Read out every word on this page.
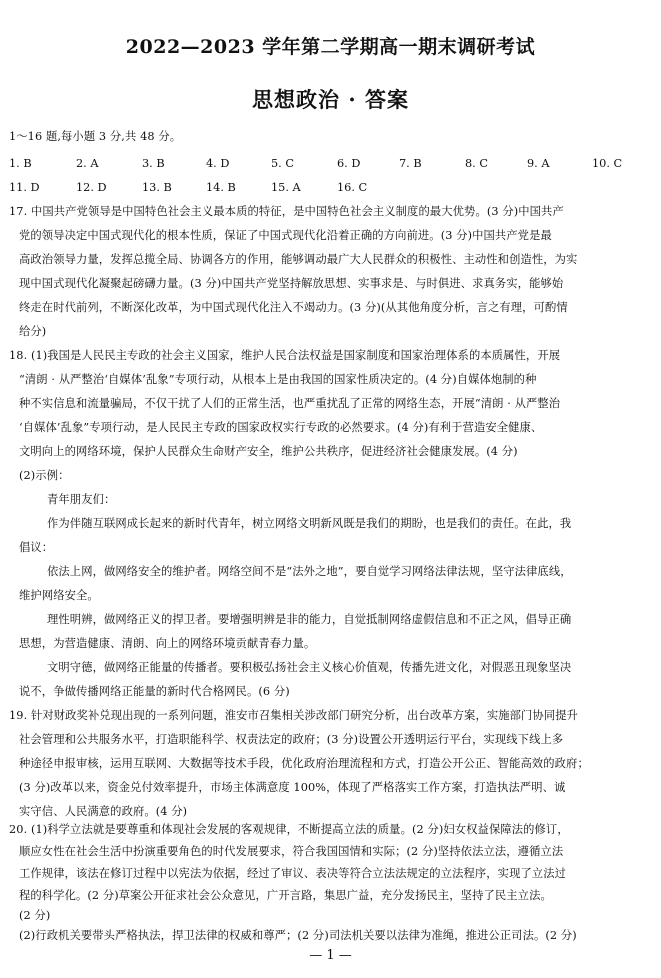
2022—2023 学年第二学期高一期末调研考试
思想政治 · 答案
1～16 题,每小题 3 分,共 48 分。
1. B	2. A	3. B	4. D	5. C	6. D	7. B	8. C	9. A	10. C
11. D	12. D	13. B	14. B	15. A	16. C
17. 中国共产党领导是中国特色社会主义最本质的特征，是中国特色社会主义制度的最大优势。(3 分)中国共产
党的领导决定中国式现代化的根本性质，保证了中国式现代化沿着正确的方向前进。(3 分)中国共产党是最
高政治领导力量，发挥总揽全局、协调各方的作用，能够调动最广大人民群众的积极性、主动性和创造性，为实
现中国式现代化凝聚起磅礴力量。(3 分)中国共产党坚持解放思想、实事求是、与时俱进、求真务实，能够始
终走在时代前列，不断深化改革，为中国式现代化注入不竭动力。(3 分)(从其他角度分析，言之有理，可酌情
给分)
18. (1)我国是人民民主专政的社会主义国家，维护人民合法权益是国家制度和国家治理体系的本质属性，开展
“清朗 · 从严整治‘自媒体’乱象”专项行动，从根本上是由我国的国家性质决定的。(4 分)自媒体炮制的种
种不实信息和流量骗局，不仅干扰了人们的正常生活，也严重扰乱了正常的网络生态，开展“清朗 · 从严整治
‘自媒体’乱象”专项行动，是人民民主专政的国家政权实行专政的必然要求。(4 分)有利于营造安全健康、
文明向上的网络环境，保护人民群众生命财产安全，维护公共秩序，促进经济社会健康发展。(4 分)
(2)示例：
青年朋友们：
作为伴随互联网成长起来的新时代青年，树立网络文明新风既是我们的期盼，也是我们的责任。在此，我
倡议：
依法上网，做网络安全的维护者。网络空间不是“法外之地”，要自觉学习网络法律法规，坚守法律底线，
维护网络安全。
理性明辨，做网络正义的捍卫者。要增强明辨是非的能力，自觉抵制网络虚假信息和不正之风，倡导正确
思想，为营造健康、清朗、向上的网络环境贡献青春力量。
文明守德，做网络正能量的传播者。要积极弘扬社会主义核心价值观，传播先进文化，对假恶丑现象坚决
说不，争做传播网络正能量的新时代合格网民。(6 分)
19. 针对财政奖补兑现出现的一系列问题，淮安市召集相关涉改部门研究分析，出台改革方案，实施部门协同提升
社会管理和公共服务水平，打造职能科学、权责法定的政府；(3 分)设置公开透明运行平台，实现线下线上多
种途径申报审核，运用互联网、大数据等技术手段，优化政府治理流程和方式，打造公开公正、智能高效的政府；
(3 分)改革以来，资金兑付效率提升，市场主体满意度 100%，体现了严格落实工作方案，打造执法严明、诚
实守信、人民满意的政府。(4 分)
20. (1)科学立法就是要尊重和体现社会发展的客观规律，不断提高立法的质量。(2 分)妇女权益保障法的修订，
顺应女性在社会生活中扮演重要角色的时代发展要求，符合我国国情和实际；(2 分)坚持依法立法，遵循立法
工作规律，该法在修订过程中以宪法为依据，经过了审议、表决等符合立法法规定的立法程序，实现了立法过
程的科学化。(2 分)草案公开征求社会公众意见，广开言路，集思广益，充分发扬民主，坚持了民主立法。
(2 分)
(2)行政机关要带头严格执法，捍卫法律的权威和尊严；(2 分)司法机关要以法律为准绳，推进公正司法。(2 分)
— 1 —
